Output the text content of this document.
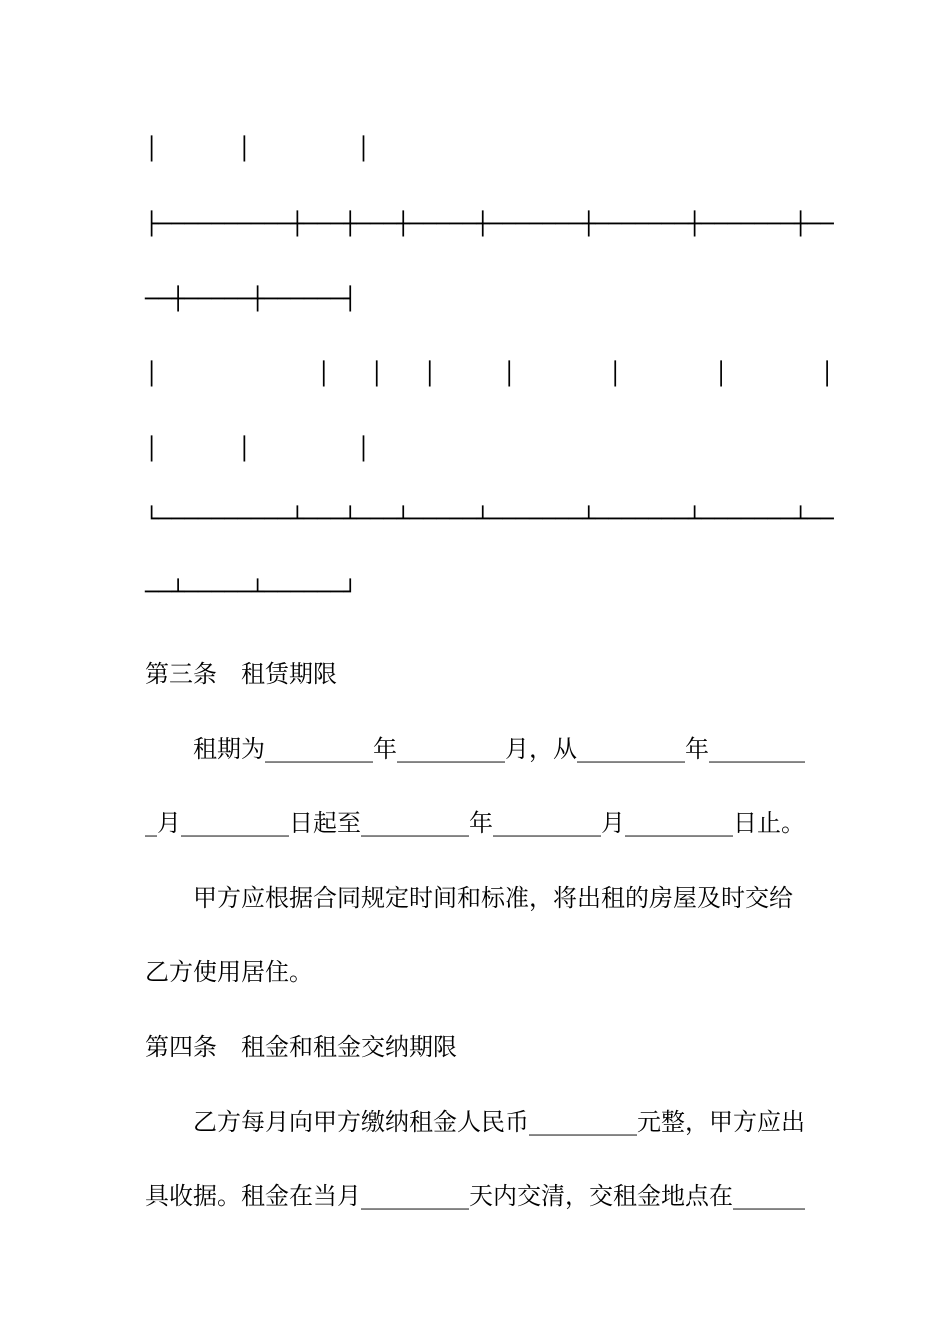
│      │        │
├──────────┼───┼───┼─────┼───────┼───────┼───────┼──
──┼─────┼──────┤
│            │   │   │     │       │       │       │
│      │        │
└──────────┴───┴───┴─────┴───────┴───────┴───────┴──
──┴─────┴──────┘
第三条　租赁期限
租期为_________年_________月，从_________年________
_月_________日起至_________年_________月_________日止。
甲方应根据合同规定时间和标准，将出租的房屋及时交给
乙方使用居住。
第四条　租金和租金交纳期限
乙方每月向甲方缴纳租金人民币_________元整，甲方应出
具收据。租金在当月_________天内交清，交租金地点在______
